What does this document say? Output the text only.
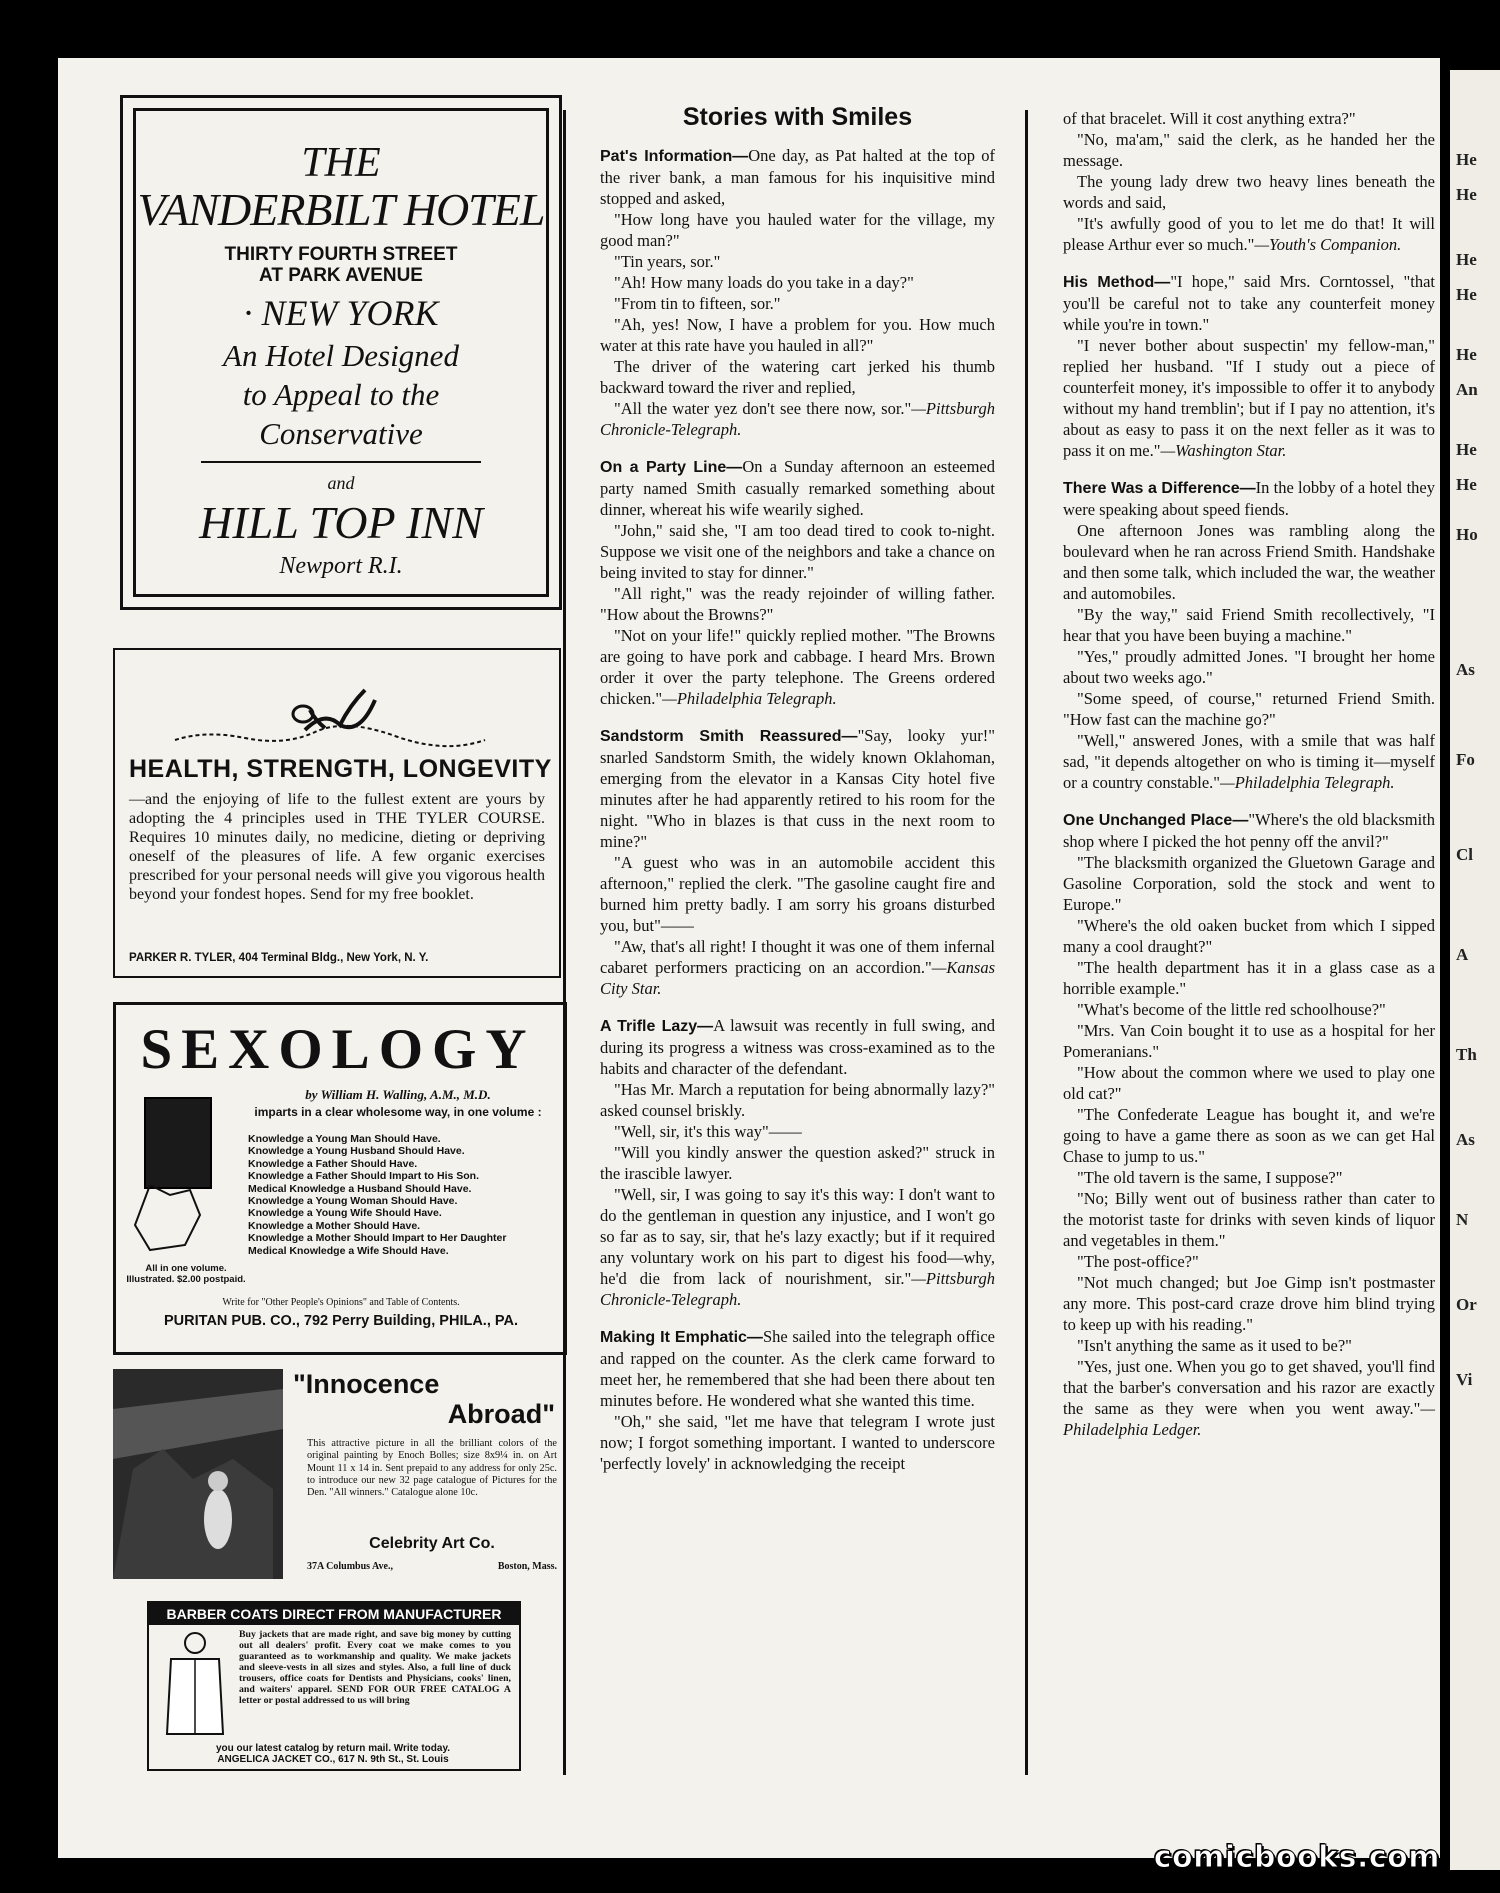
He
He
He
He
He
An
He
He
Ho
As
Fo
Cl
A
Th
As
N
Or
Vi
THE
VANDERBILT HOTEL
THIRTY FOURTH STREET
AT PARK AVENUE
· NEW YORK
An Hotel Designed
to Appeal to the
Conservative
and
HILL TOP INN
Newport R.I.
HEALTH, STRENGTH, LONGEVITY
—and the enjoying of life to the fullest extent are yours by adopting the 4 principles used in THE TYLER COURSE. Requires 10 minutes daily, no medicine, dieting or depriving oneself of the pleasures of life. A few organic exercises prescribed for your personal needs will give you vigorous health beyond your fondest hopes. Send for my free booklet.
PARKER R. TYLER, 404 Terminal Bldg., New York, N. Y.
SEXOLOGY
by William H. Walling, A.M., M.D.
imparts in a clear wholesome way, in one volume :
Knowledge a Young Man Should Have.
Knowledge a Young Husband Should Have.
Knowledge a Father Should Have.
Knowledge a Father Should Impart to His Son.
Medical Knowledge a Husband Should Have.
Knowledge a Young Woman Should Have.
Knowledge a Young Wife Should Have.
Knowledge a Mother Should Have.
Knowledge a Mother Should Impart to Her Daughter
Medical Knowledge a Wife Should Have.
All in one volume. Illustrated. $2.00 postpaid.
Write for "Other People's Opinions" and Table of Contents.
PURITAN PUB. CO., 792 Perry Building, PHILA., PA.
"Innocence
Abroad"
This attractive picture in all the brilliant colors of the original painting by Enoch Bolles; size 8x9¼ in. on Art Mount 11 x 14 in. Sent prepaid to any address for only 25c. to introduce our new 32 page catalogue of Pictures for the Den. "All winners." Catalogue alone 10c.
Celebrity Art Co.
37A Columbus Ave.,	Boston, Mass.
BARBER COATS DIRECT FROM MANUFACTURER
Buy jackets that are made right, and save big money by cutting out all dealers' profit. Every coat we make comes to you guaranteed as to workmanship and quality. We make jackets and sleeve-vests in all sizes and styles. Also, a full line of duck trousers, office coats for Dentists and Physicians, cooks' linen, and waiters' apparel. SEND FOR OUR FREE CATALOG A letter or postal addressed to us will bring
you our latest catalog by return mail. Write today.
ANGELICA JACKET CO., 617 N. 9th St., St. Louis
Stories with Smiles

Pat's Information—One day, as Pat halted at the top of the river bank, a man famous for his inquisitive mind stopped and asked,

"How long have you hauled water for the village, my good man?"

"Tin years, sor."

"Ah! How many loads do you take in a day?"

"From tin to fifteen, sor."

"Ah, yes! Now, I have a problem for you. How much water at this rate have you hauled in all?"

The driver of the watering cart jerked his thumb backward toward the river and replied,

"All the water yez don't see there now, sor."—Pittsburgh Chronicle-Telegraph.

On a Party Line—On a Sunday afternoon an esteemed party named Smith casually remarked something about dinner, whereat his wife wearily sighed.

"John," said she, "I am too dead tired to cook to-night. Suppose we visit one of the neighbors and take a chance on being invited to stay for dinner."

"All right," was the ready rejoinder of willing father. "How about the Browns?"

"Not on your life!" quickly replied mother. "The Browns are going to have pork and cabbage. I heard Mrs. Brown order it over the party telephone. The Greens ordered chicken."—Philadelphia Telegraph.

Sandstorm Smith Reassured—"Say, looky yur!" snarled Sandstorm Smith, the widely known Oklahoman, emerging from the elevator in a Kansas City hotel five minutes after he had apparently retired to his room for the night. "Who in blazes is that cuss in the next room to mine?"

"A guest who was in an automobile accident this afternoon," replied the clerk. "The gasoline caught fire and burned him pretty badly. I am sorry his groans disturbed you, but"——

"Aw, that's all right! I thought it was one of them infernal cabaret performers practicing on an accordion."—Kansas City Star.

A Trifle Lazy—A lawsuit was recently in full swing, and during its progress a witness was cross-examined as to the habits and character of the defendant.

"Has Mr. March a reputation for being abnormally lazy?" asked counsel briskly.

"Well, sir, it's this way"——

"Will you kindly answer the question asked?" struck in the irascible lawyer.

"Well, sir, I was going to say it's this way: I don't want to do the gentleman in question any injustice, and I won't go so far as to say, sir, that he's lazy exactly; but if it required any voluntary work on his part to digest his food—why, he'd die from lack of nourishment, sir."—Pittsburgh Chronicle-Telegraph.

Making It Emphatic—She sailed into the telegraph office and rapped on the counter. As the clerk came forward to meet her, he remembered that she had been there about ten minutes before. He wondered what she wanted this time.

"Oh," she said, "let me have that telegram I wrote just now; I forgot something important. I wanted to underscore 'perfectly lovely' in acknowledging the receipt

of that bracelet. Will it cost anything extra?"

"No, ma'am," said the clerk, as he handed her the message.

The young lady drew two heavy lines beneath the words and said,

"It's awfully good of you to let me do that! It will please Arthur ever so much."—Youth's Companion.

His Method—"I hope," said Mrs. Corntossel, "that you'll be careful not to take any counterfeit money while you're in town."

"I never bother about suspectin' my fellow-man," replied her husband. "If I study out a piece of counterfeit money, it's impossible to offer it to anybody without my hand tremblin'; but if I pay no attention, it's about as easy to pass it on the next feller as it was to pass it on me."—Washington Star.

There Was a Difference—In the lobby of a hotel they were speaking about speed fiends.

One afternoon Jones was rambling along the boulevard when he ran across Friend Smith. Handshake and then some talk, which included the war, the weather and automobiles.

"By the way," said Friend Smith recollectively, "I hear that you have been buying a machine."

"Yes," proudly admitted Jones. "I brought her home about two weeks ago."

"Some speed, of course," returned Friend Smith. "How fast can the machine go?"

"Well," answered Jones, with a smile that was half sad, "it depends altogether on who is timing it—myself or a country constable."—Philadelphia Telegraph.

One Unchanged Place—"Where's the old blacksmith shop where I picked the hot penny off the anvil?"

"The blacksmith organized the Gluetown Garage and Gasoline Corporation, sold the stock and went to Europe."

"Where's the old oaken bucket from which I sipped many a cool draught?"

"The health department has it in a glass case as a horrible example."

"What's become of the little red schoolhouse?"

"Mrs. Van Coin bought it to use as a hospital for her Pomeranians."

"How about the common where we used to play one old cat?"

"The Confederate League has bought it, and we're going to have a game there as soon as we can get Hal Chase to jump to us."

"The old tavern is the same, I suppose?"

"No; Billy went out of business rather than cater to the motorist taste for drinks with seven kinds of liquor and vegetables in them."

"The post-office?"

"Not much changed; but Joe Gimp isn't postmaster any more. This post-card craze drove him blind trying to keep up with his reading."

"Isn't anything the same as it used to be?"

"Yes, just one. When you go to get shaved, you'll find that the barber's conversation and his razor are exactly the same as they were when you went away."—Philadelphia Ledger.

comicbooks.com
